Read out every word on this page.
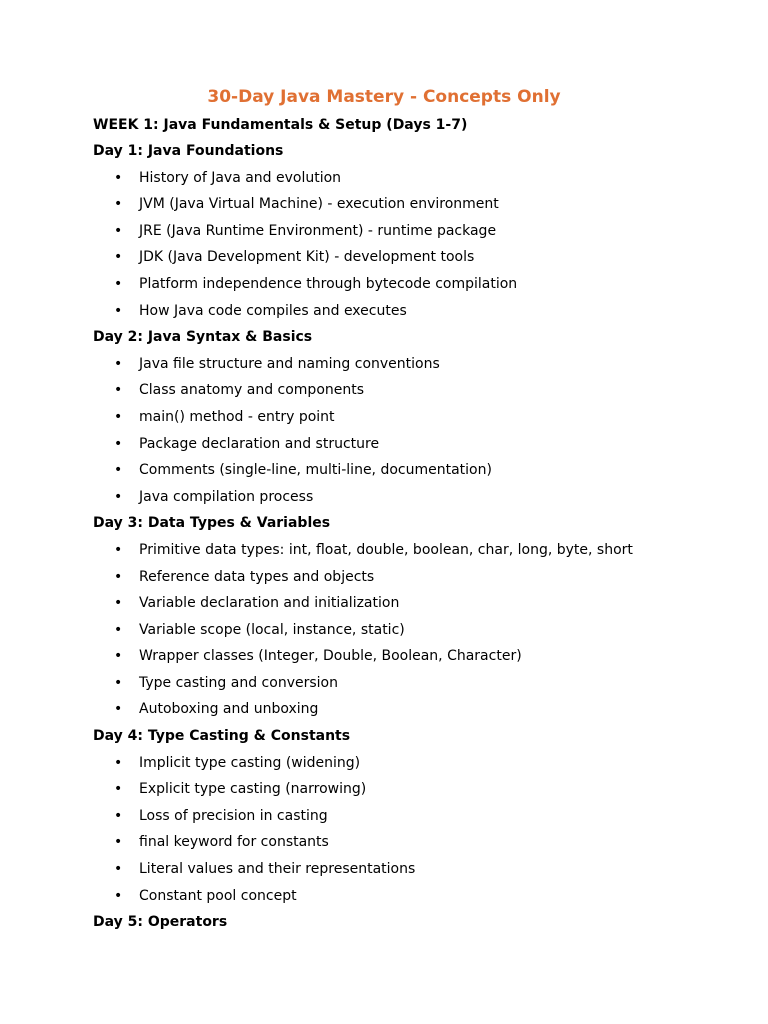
30-Day Java Mastery - Concepts Only
WEEK 1: Java Fundamentals & Setup (Days 1-7)
Day 1: Java Foundations
• History of Java and evolution
• JVM (Java Virtual Machine) - execution environment
• JRE (Java Runtime Environment) - runtime package
• JDK (Java Development Kit) - development tools
• Platform independence through bytecode compilation
• How Java code compiles and executes
Day 2: Java Syntax & Basics
• Java file structure and naming conventions
• Class anatomy and components
• main() method - entry point
• Package declaration and structure
• Comments (single-line, multi-line, documentation)
• Java compilation process
Day 3: Data Types & Variables
• Primitive data types: int, float, double, boolean, char, long, byte, short
• Reference data types and objects
• Variable declaration and initialization
• Variable scope (local, instance, static)
• Wrapper classes (Integer, Double, Boolean, Character)
• Type casting and conversion
• Autoboxing and unboxing
Day 4: Type Casting & Constants
• Implicit type casting (widening)
• Explicit type casting (narrowing)
• Loss of precision in casting
• final keyword for constants
• Literal values and their representations
• Constant pool concept
Day 5: Operators
